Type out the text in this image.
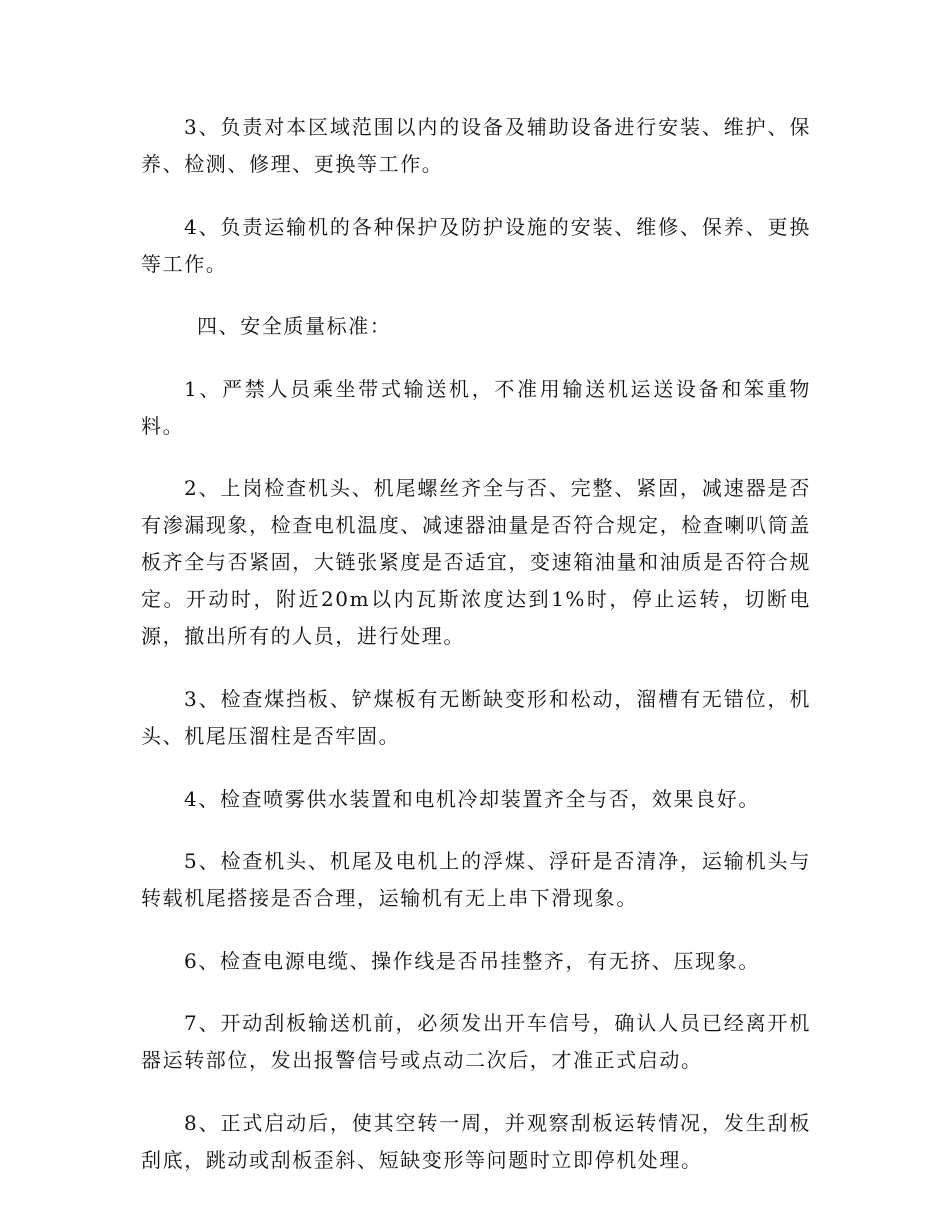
3、负责对本区域范围以内的设备及辅助设备进行安装、维护、保养、检测、修理、更换等工作。

4、负责运输机的各种保护及防护设施的安装、维修、保养、更换等工作。

四、安全质量标准：

1、严禁人员乘坐带式输送机，不准用输送机运送设备和笨重物料。

2、上岗检查机头、机尾螺丝齐全与否、完整、紧固，减速器是否有渗漏现象，检查电机温度、减速器油量是否符合规定，检查喇叭筒盖板齐全与否紧固，大链张紧度是否适宜，变速箱油量和油质是否符合规定。开动时，附近20m以内瓦斯浓度达到1%时，停止运转，切断电源，撤出所有的人员，进行处理。

3、检查煤挡板、铲煤板有无断缺变形和松动，溜槽有无错位，机头、机尾压溜柱是否牢固。

4、检查喷雾供水装置和电机冷却装置齐全与否，效果良好。

5、检查机头、机尾及电机上的浮煤、浮矸是否清净，运输机头与转载机尾搭接是否合理，运输机有无上串下滑现象。

6、检查电源电缆、操作线是否吊挂整齐，有无挤、压现象。

7、开动刮板输送机前，必须发出开车信号，确认人员已经离开机器运转部位，发出报警信号或点动二次后，才准正式启动。

8、正式启动后，使其空转一周，并观察刮板运转情况，发生刮板刮底，跳动或刮板歪斜、短缺变形等问题时立即停机处理。
